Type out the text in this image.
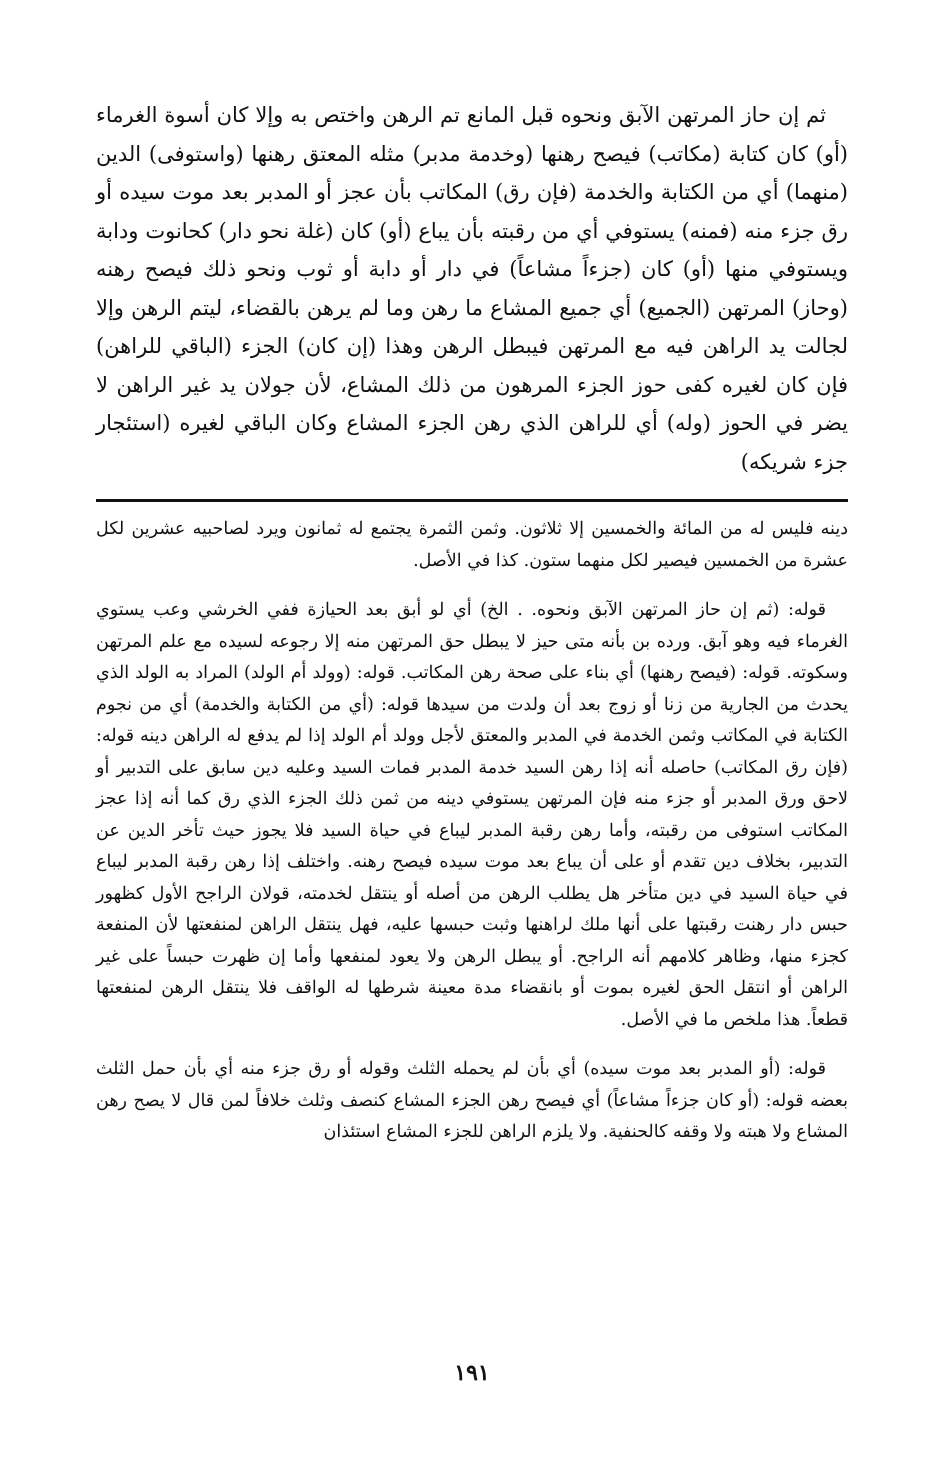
ثم إن حاز المرتهن الآبق ونحوه قبل المانع تم الرهن واختص به وإلا كان أسوة الغرماء (أو) كان كتابة (مكاتب) فيصح رهنها (وخدمة مدبر) مثله المعتق رهنها (واستوفى) الدين (منهما) أي من الكتابة والخدمة (فإن رق) المكاتب بأن عجز أو المدبر بعد موت سيده أو رق جزء منه (فمنه) يستوفي أي من رقبته بأن يباع (أو) كان (غلة نحو دار) كحانوت ودابة ويستوفي منها (أو) كان (جزءاً مشاعاً) في دار أو دابة أو ثوب ونحو ذلك فيصح رهنه (وحاز) المرتهن (الجميع) أي جميع المشاع ما رهن وما لم يرهن بالقضاء، ليتم الرهن وإلا لجالت يد الراهن فيه مع المرتهن فيبطل الرهن وهذا (إن كان) الجزء (الباقي للراهن) فإن كان لغيره كفى حوز الجزء المرهون من ذلك المشاع، لأن جولان يد غير الراهن لا يضر في الحوز (وله) أي للراهن الذي رهن الجزء المشاع وكان الباقي لغيره (استئجار جزء شريكه)

دينه فليس له من المائة والخمسين إلا ثلاثون. وثمن الثمرة يجتمع له ثمانون ويرد لصاحبيه عشرين لكل عشرة من الخمسين فيصير لكل منهما ستون. كذا في الأصل.

قوله: (ثم إن حاز المرتهن الآبق ونحوه. . الخ) أي لو أبق بعد الحيازة ففي الخرشي وعب يستوي الغرماء فيه وهو آبق. ورده بن بأنه متى حيز لا يبطل حق المرتهن منه إلا رجوعه لسيده مع علم المرتهن وسكوته. قوله: (فيصح رهنها) أي بناء على صحة رهن المكاتب. قوله: (وولد أم الولد) المراد به الولد الذي يحدث من الجارية من زنا أو زوج بعد أن ولدت من سيدها قوله: (أي من الكتابة والخدمة) أي من نجوم الكتابة في المكاتب وثمن الخدمة في المدبر والمعتق لأجل وولد أم الولد إذا لم يدفع له الراهن دينه قوله: (فإن رق المكاتب) حاصله أنه إذا رهن السيد خدمة المدبر فمات السيد وعليه دين سابق على التدبير أو لاحق ورق المدبر أو جزء منه فإن المرتهن يستوفي دينه من ثمن ذلك الجزء الذي رق كما أنه إذا عجز المكاتب استوفى من رقبته، وأما رهن رقبة المدبر ليباع في حياة السيد فلا يجوز حيث تأخر الدين عن التدبير، بخلاف دين تقدم أو على أن يباع بعد موت سيده فيصح رهنه. واختلف إذا رهن رقبة المدبر ليباع في حياة السيد في دين متأخر هل يطلب الرهن من أصله أو ينتقل لخدمته، قولان الراجح الأول كظهور حبس دار رهنت رقبتها على أنها ملك لراهنها وثبت حبسها عليه، فهل ينتقل الراهن لمنفعتها لأن المنفعة كجزء منها، وظاهر كلامهم أنه الراجح. أو يبطل الرهن ولا يعود لمنفعها وأما إن ظهرت حبساً على غير الراهن أو انتقل الحق لغيره بموت أو بانقضاء مدة معينة شرطها له الواقف فلا ينتقل الرهن لمنفعتها قطعاً. هذا ملخص ما في الأصل.

قوله: (أو المدبر بعد موت سيده) أي بأن لم يحمله الثلث وقوله أو رق جزء منه أي بأن حمل الثلث بعضه قوله: (أو كان جزءاً مشاعاً) أي فيصح رهن الجزء المشاع كنصف وثلث خلافاً لمن قال لا يصح رهن المشاع ولا هبته ولا وقفه كالحنفية. ولا يلزم الراهن للجزء المشاع استئذان

١٩١
